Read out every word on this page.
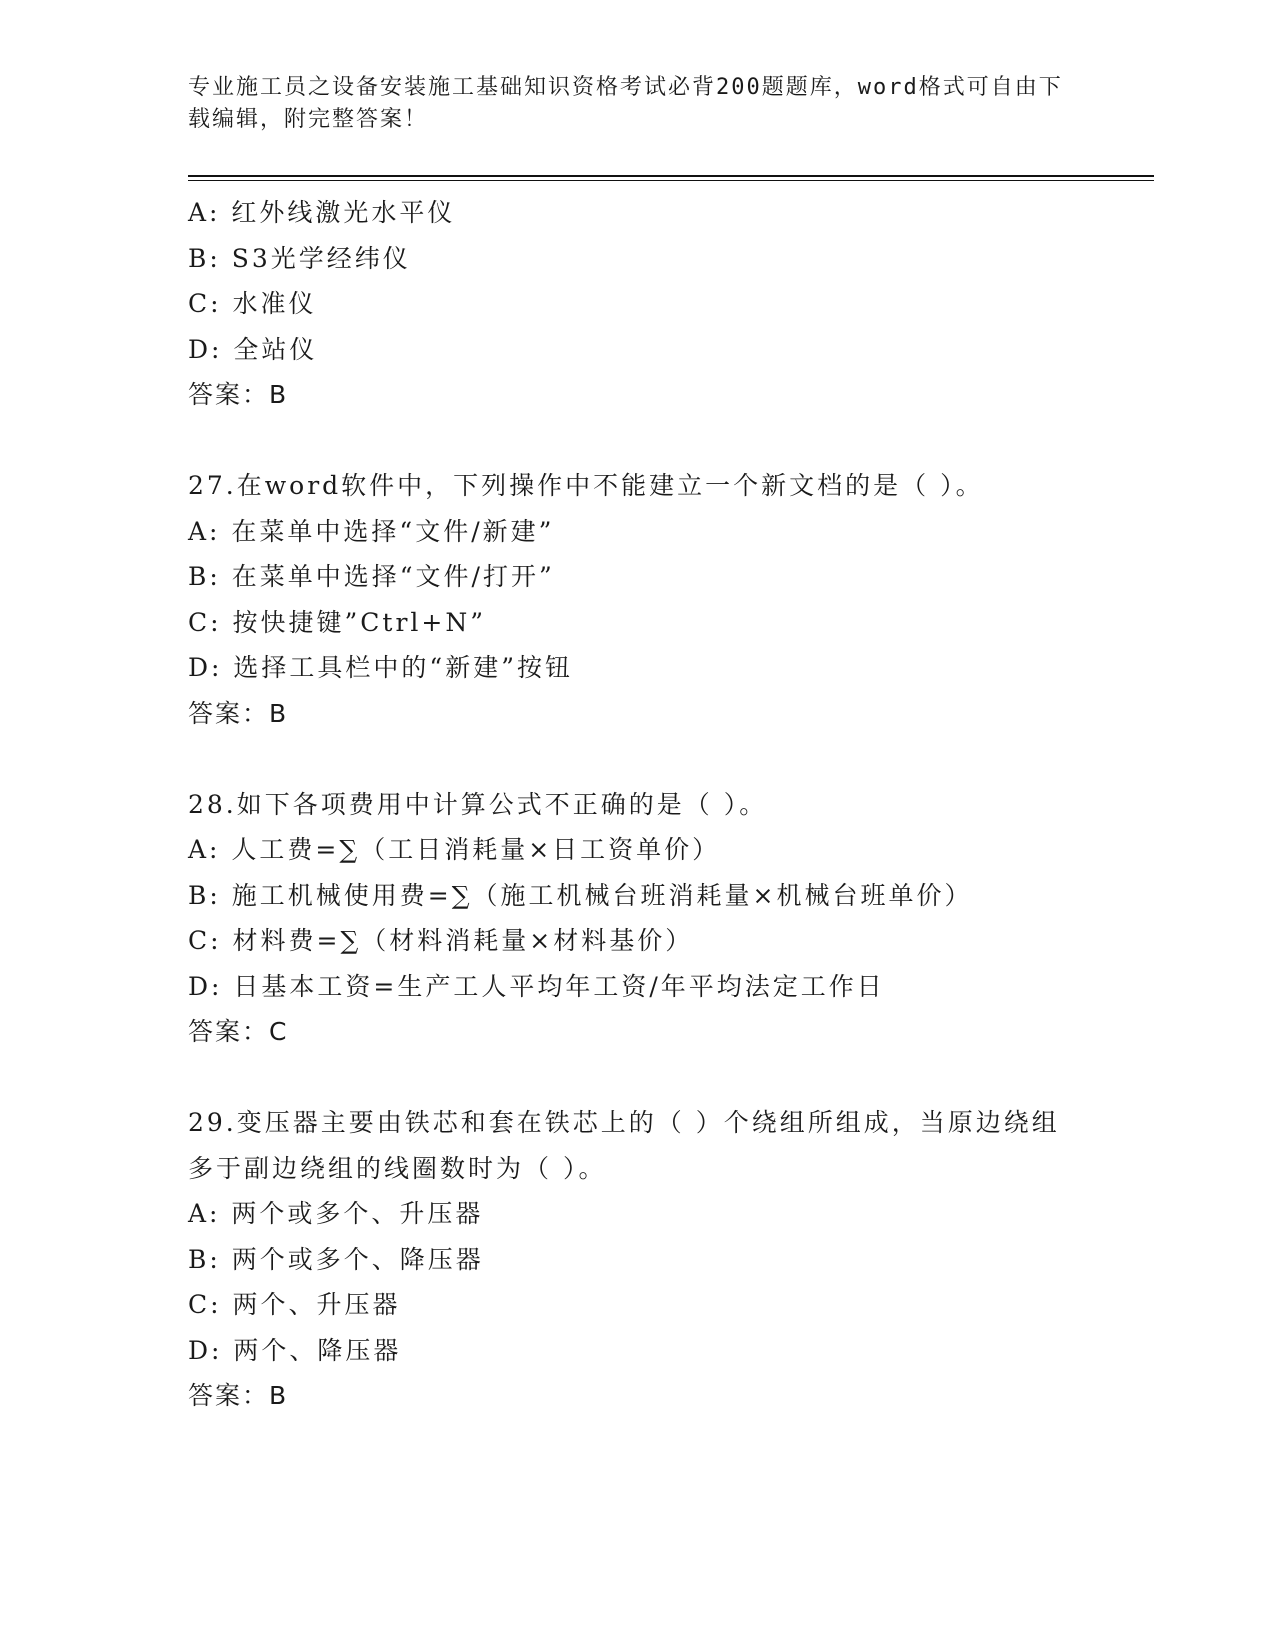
专业施工员之设备安装施工基础知识资格考试必背200题题库，word格式可自由下载编辑，附完整答案！
A: 红外线激光水平仪
B: S3光学经纬仪
C: 水准仪
D: 全站仪
答案：B
27.在word软件中，下列操作中不能建立一个新文档的是（ ）。
A: 在菜单中选择“文件/新建”
B: 在菜单中选择“文件/打开”
C: 按快捷键”Ctrl+N”
D: 选择工具栏中的“新建”按钮
答案：B
28.如下各项费用中计算公式不正确的是（ ）。
A: 人工费=∑（工日消耗量×日工资单价）
B: 施工机械使用费=∑（施工机械台班消耗量×机械台班单价）
C: 材料费=∑（材料消耗量×材料基价）
D: 日基本工资=生产工人平均年工资/年平均法定工作日
答案：C
29.变压器主要由铁芯和套在铁芯上的（ ）个绕组所组成，当原边绕组多于副边绕组的线圈数时为（ ）。
A: 两个或多个、升压器
B: 两个或多个、降压器
C: 两个、升压器
D: 两个、降压器
答案：B
